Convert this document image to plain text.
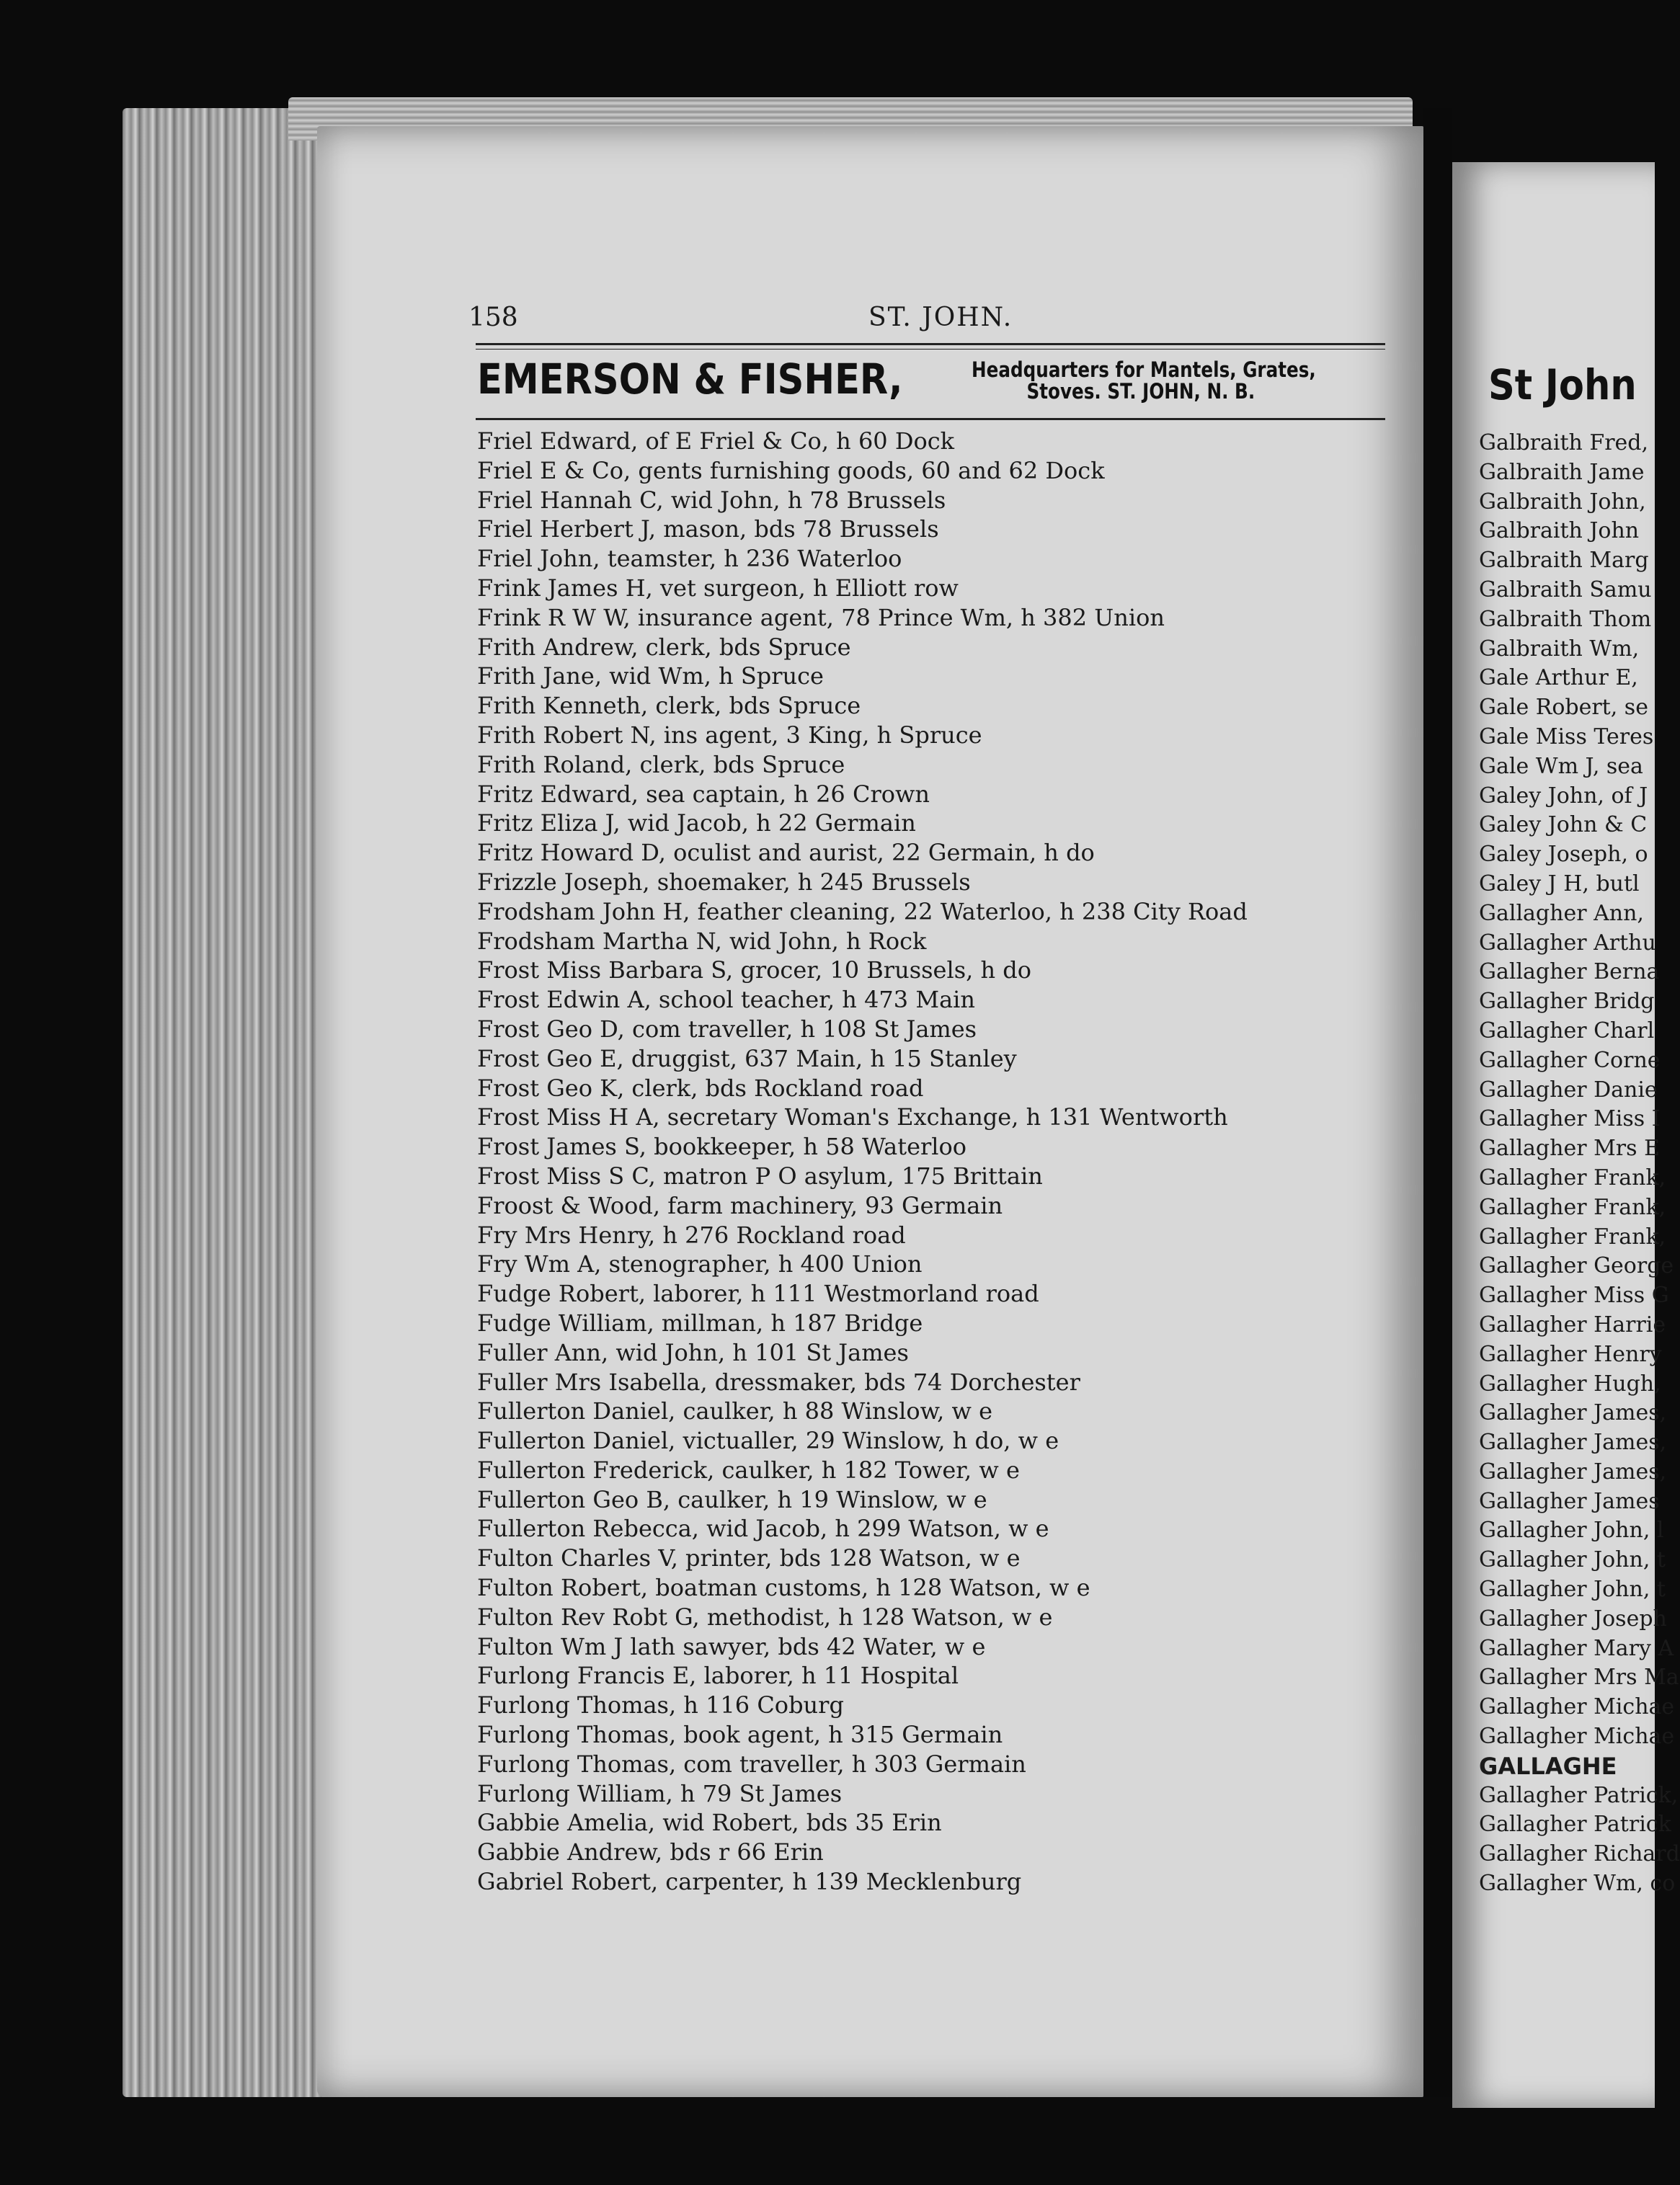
158	ST. JOHN.
EMERSON & FISHER,	Headquarters for Mantels, Grates,
Stoves. ST. JOHN, N. B.
Friel Edward, of E Friel & Co, h 60 Dock
Friel E & Co, gents furnishing goods, 60 and 62 Dock
Friel Hannah C, wid John, h 78 Brussels
Friel Herbert J, mason, bds 78 Brussels
Friel John, teamster, h 236 Waterloo
Frink James H, vet surgeon, h Elliott row
Frink R W W, insurance agent, 78 Prince Wm, h 382 Union
Frith Andrew, clerk, bds Spruce
Frith Jane, wid Wm, h Spruce
Frith Kenneth, clerk, bds Spruce
Frith Robert N, ins agent, 3 King, h Spruce
Frith Roland, clerk, bds Spruce
Fritz Edward, sea captain, h 26 Crown
Fritz Eliza J, wid Jacob, h 22 Germain
Fritz Howard D, oculist and aurist, 22 Germain, h do
Frizzle Joseph, shoemaker, h 245 Brussels
Frodsham John H, feather cleaning, 22 Waterloo, h 238 City Road
Frodsham Martha N, wid John, h Rock
Frost Miss Barbara S, grocer, 10 Brussels, h do
Frost Edwin A, school teacher, h 473 Main
Frost Geo D, com traveller, h 108 St James
Frost Geo E, druggist, 637 Main, h 15 Stanley
Frost Geo K, clerk, bds Rockland road
Frost Miss H A, secretary Woman's Exchange, h 131 Wentworth
Frost James S, bookkeeper, h 58 Waterloo
Frost Miss S C, matron P O asylum, 175 Brittain
Froost & Wood, farm machinery, 93 Germain
Fry Mrs Henry, h 276 Rockland road
Fry Wm A, stenographer, h 400 Union
Fudge Robert, laborer, h 111 Westmorland road
Fudge William, millman, h 187 Bridge
Fuller Ann, wid John, h 101 St James
Fuller Mrs Isabella, dressmaker, bds 74 Dorchester
Fullerton Daniel, caulker, h 88 Winslow, w e
Fullerton Daniel, victualler, 29 Winslow, h do, w e
Fullerton Frederick, caulker, h 182 Tower, w e
Fullerton Geo B, caulker, h 19 Winslow, w e
Fullerton Rebecca, wid Jacob, h 299 Watson, w e
Fulton Charles V, printer, bds 128 Watson, w e
Fulton Robert, boatman customs, h 128 Watson, w e
Fulton Rev Robt G, methodist, h 128 Watson, w e
Fulton Wm J lath sawyer, bds 42 Water, w e
Furlong Francis E, laborer, h 11 Hospital
Furlong Thomas, h 116 Coburg
Furlong Thomas, book agent, h 315 Germain
Furlong Thomas, com traveller, h 303 Germain
Furlong William, h 79 St James
Gabbie Amelia, wid Robert, bds 35 Erin
Gabbie Andrew, bds r 66 Erin
Gabriel Robert, carpenter, h 139 Mecklenburg
St John
Galbraith Fred,
Galbraith Jame
Galbraith John,
Galbraith John
Galbraith Marg
Galbraith Samu
Galbraith Thom
Galbraith Wm,
Gale Arthur E,
Gale Robert, se
Gale Miss Teres
Gale Wm J, sea
Galey John, of J
Galey John & C
Galey Joseph, o
Galey J H, butl
Gallagher Ann,
Gallagher Arthu
Gallagher Berna
Gallagher Bridg
Gallagher Charl
Gallagher Corne
Gallagher Danie
Gallagher Miss I
Gallagher Mrs E
Gallagher Frank,
Gallagher Frank,
Gallagher Frank,
Gallagher George
Gallagher Miss G
Gallagher Harrie
Gallagher Henry
Gallagher Hugh,
Gallagher James,
Gallagher James,
Gallagher James,
Gallagher James
Gallagher John, l
Gallagher John, t
Gallagher John, t
Gallagher Joseph
Gallagher Mary A
Gallagher Mrs Ma
Gallagher Michae
Gallagher Michae
GALLAGHE
Gallagher Patrick,
Gallagher Patrick
Gallagher Richard
Gallagher Wm, co
